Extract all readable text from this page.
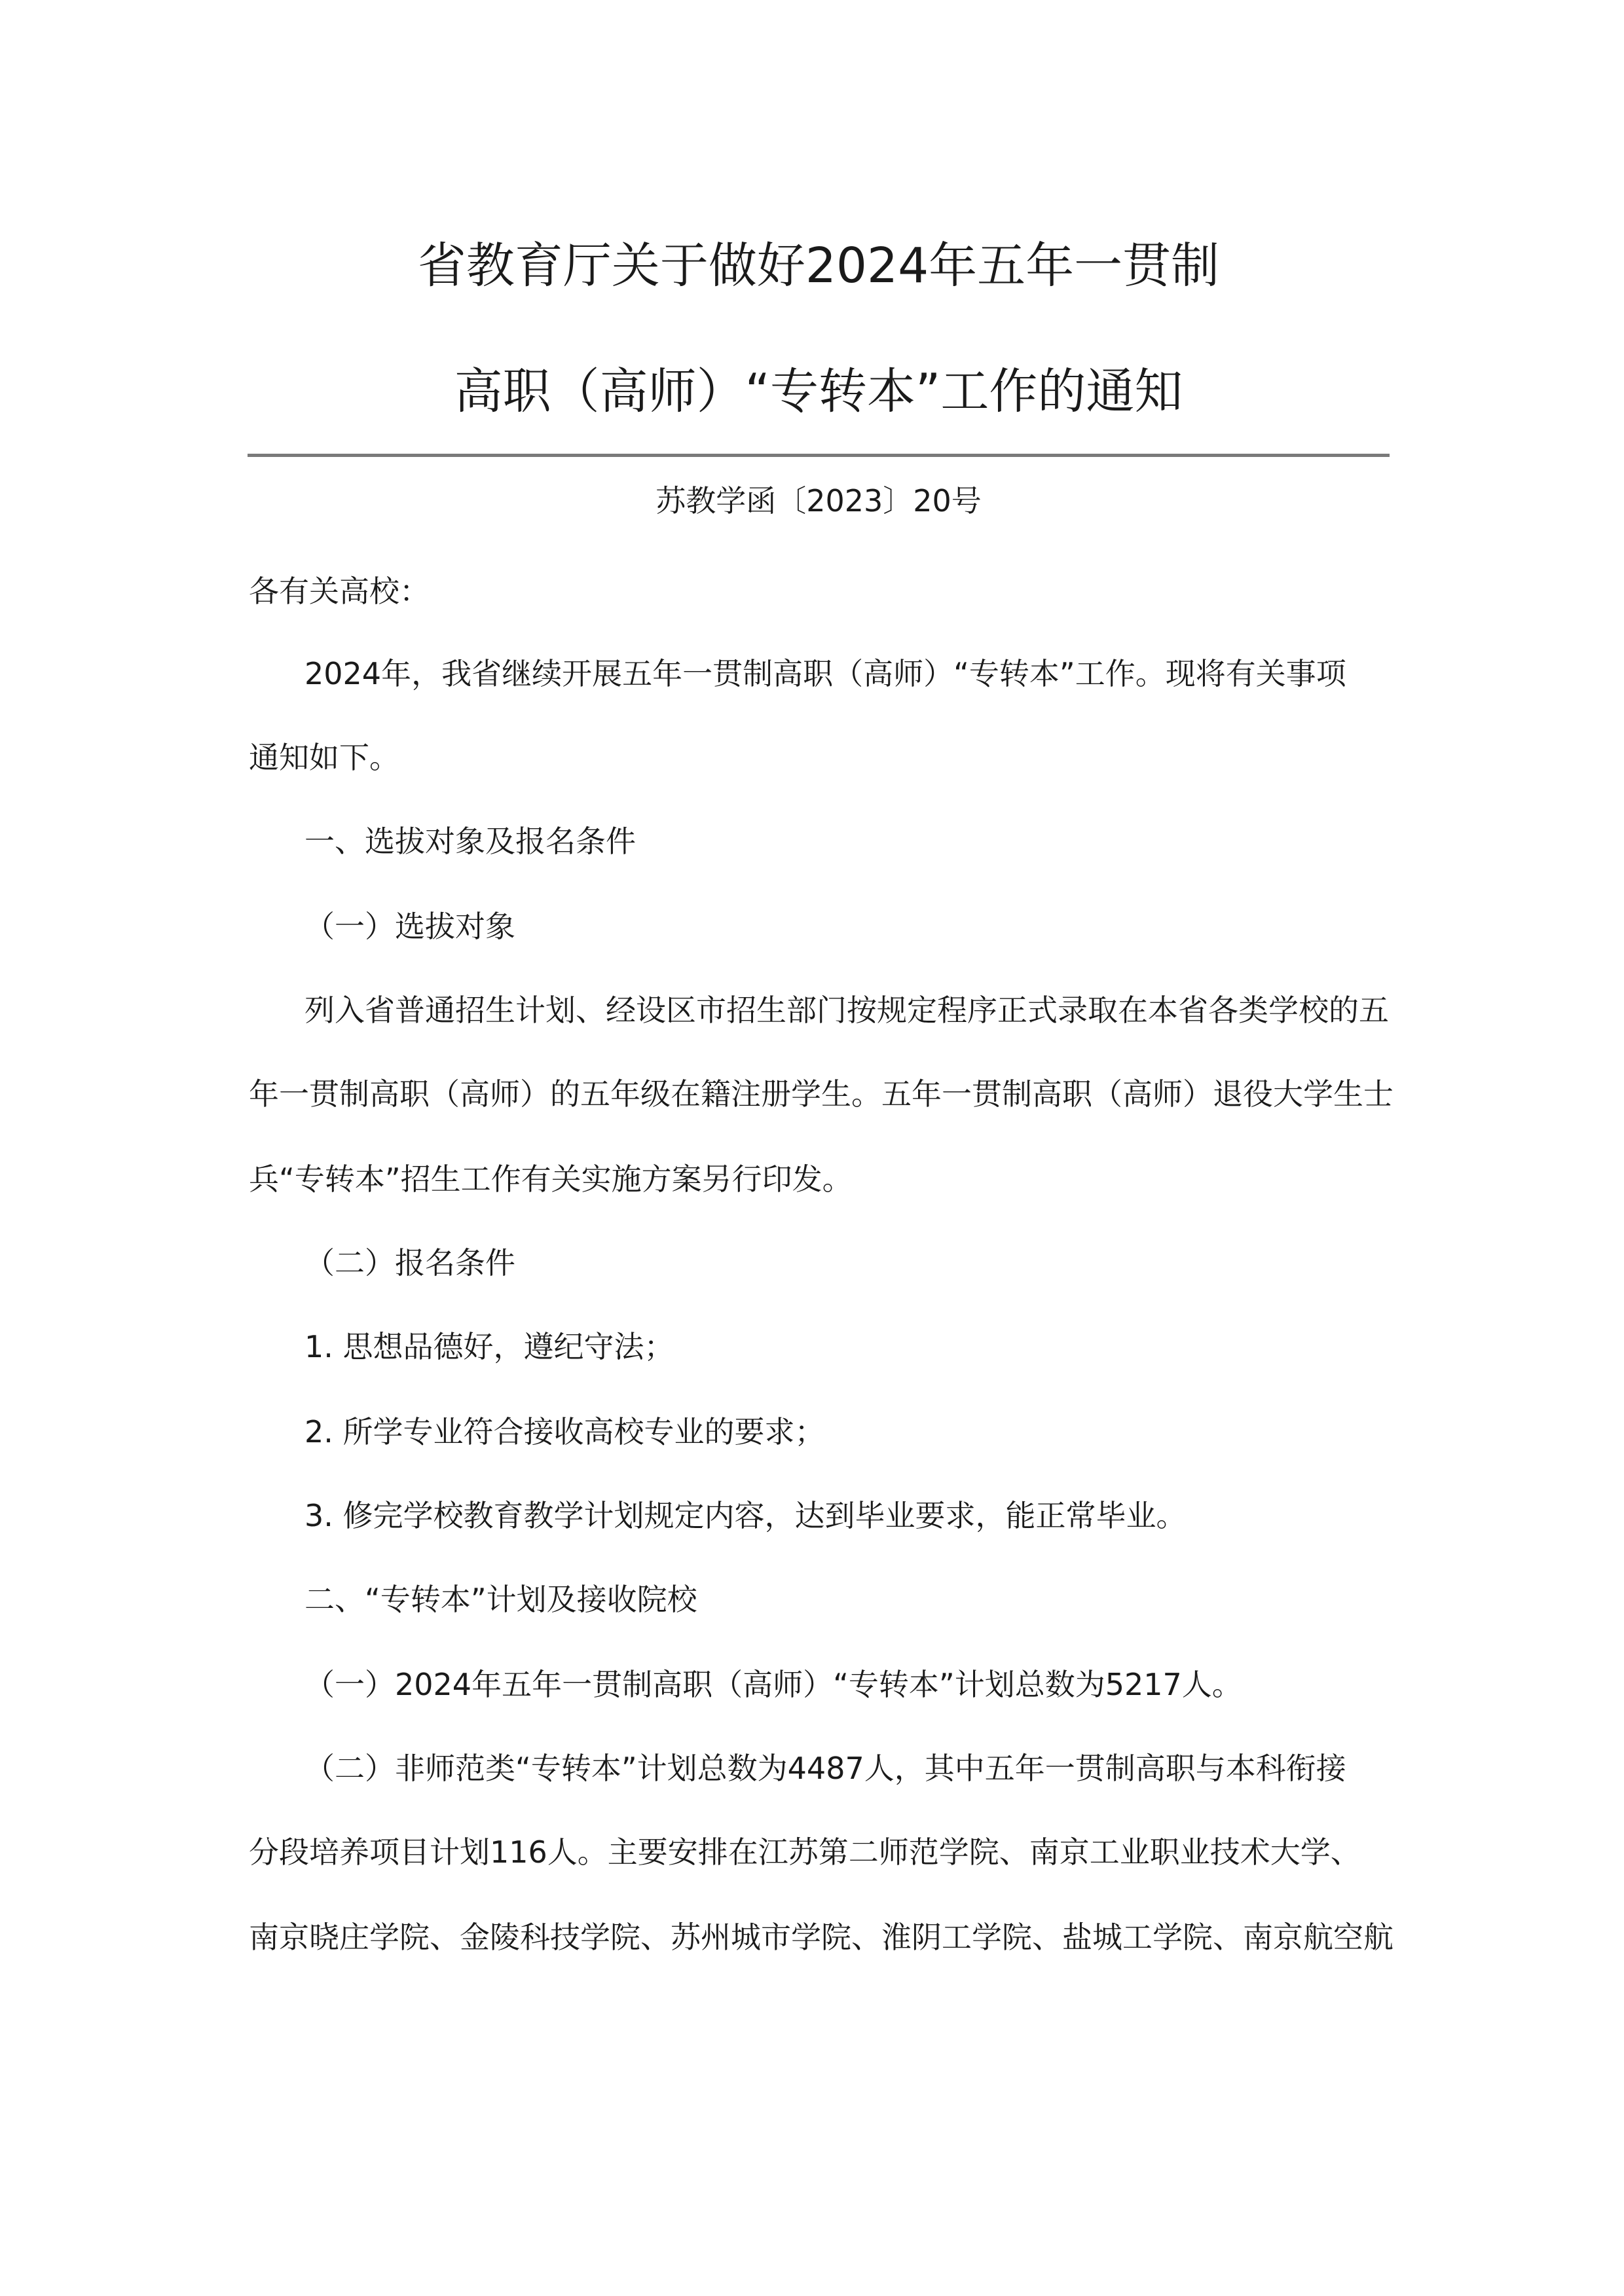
省教育厅关于做好2024年五年一贯制
高职（高师）“专转本”工作的通知
苏教学函〔2023〕20号
各有关高校：
2024年，我省继续开展五年一贯制高职（高师）“专转本”工作。现将有关事项
通知如下。
一、选拔对象及报名条件
（一）选拔对象
列入省普通招生计划、经设区市招生部门按规定程序正式录取在本省各类学校的五
年一贯制高职（高师）的五年级在籍注册学生。五年一贯制高职（高师）退役大学生士
兵“专转本”招生工作有关实施方案另行印发。
（二）报名条件
1. 思想品德好，遵纪守法；
2. 所学专业符合接收高校专业的要求；
3. 修完学校教育教学计划规定内容，达到毕业要求，能正常毕业。
二、“专转本”计划及接收院校
（一）2024年五年一贯制高职（高师）“专转本”计划总数为5217人。
（二）非师范类“专转本”计划总数为4487人，其中五年一贯制高职与本科衔接
分段培养项目计划116人。主要安排在江苏第二师范学院、南京工业职业技术大学、
南京晓庄学院、金陵科技学院、苏州城市学院、淮阴工学院、盐城工学院、南京航空航
